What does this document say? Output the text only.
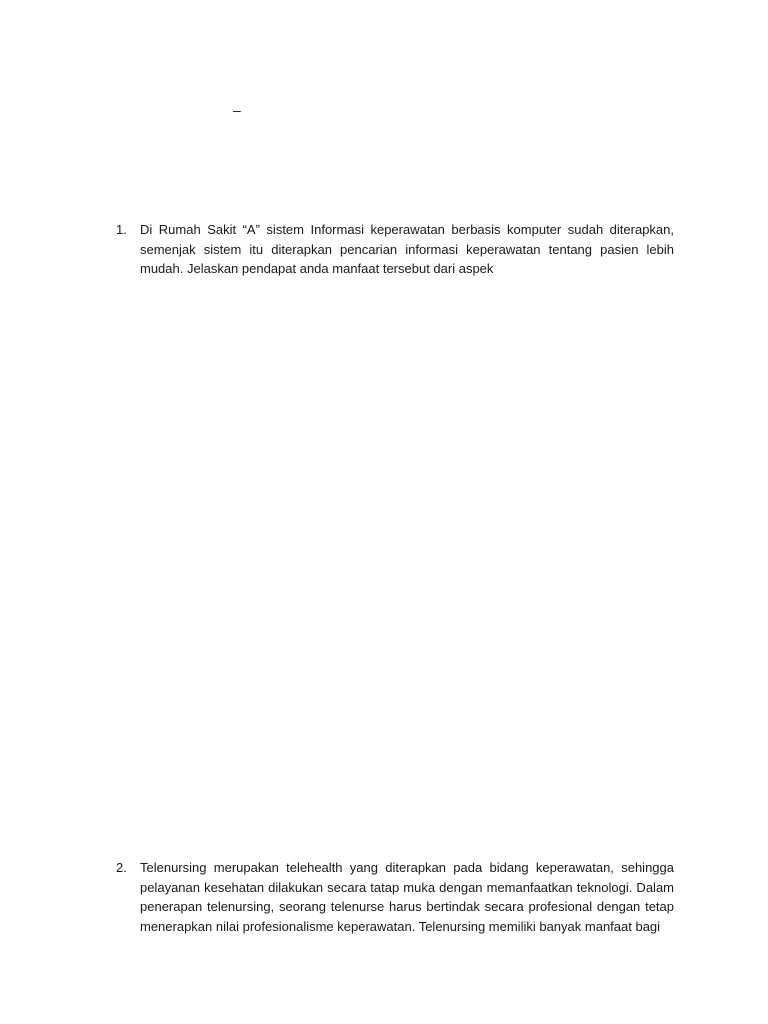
–
1.	Di Rumah Sakit “A” sistem Informasi keperawatan berbasis komputer sudah diterapkan, semenjak sistem itu diterapkan pencarian informasi keperawatan tentang pasien lebih mudah. Jelaskan pendapat anda manfaat tersebut dari aspek
2.	Telenursing merupakan telehealth yang diterapkan pada bidang keperawatan, sehingga pelayanan kesehatan dilakukan secara tatap muka dengan memanfaatkan teknologi. Dalam penerapan telenursing, seorang telenurse harus bertindak secara profesional dengan tetap menerapkan nilai profesionalisme keperawatan. Telenursing memiliki banyak manfaat bagi
